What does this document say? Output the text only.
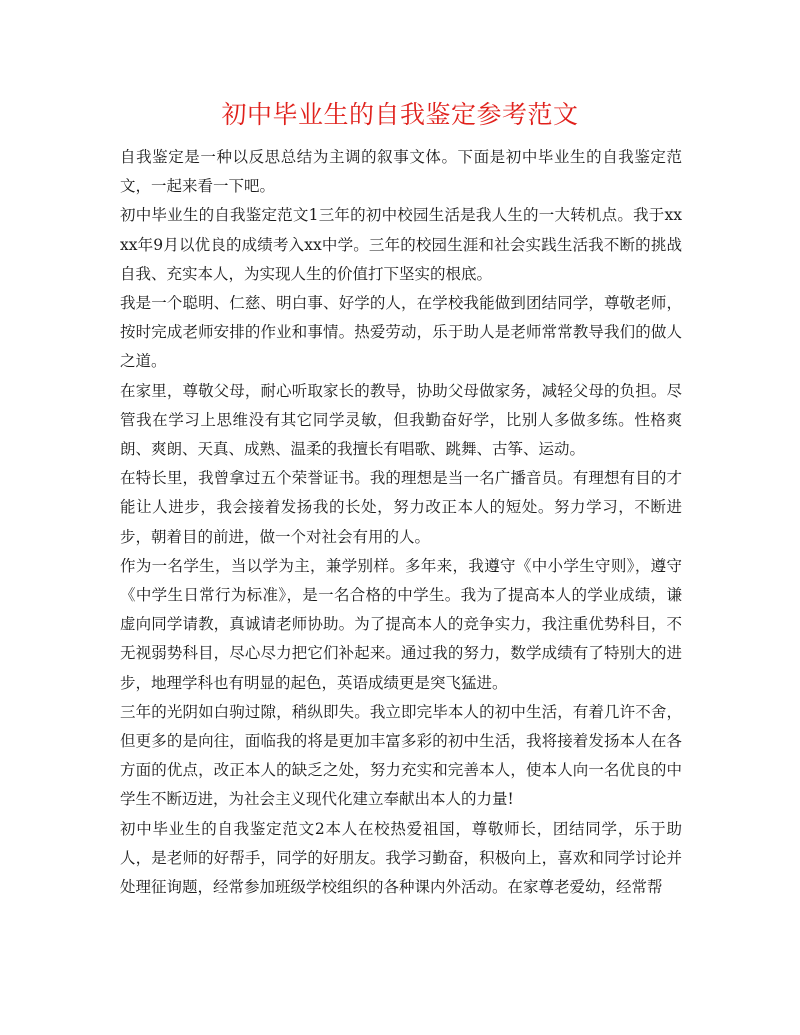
初中毕业生的自我鉴定参考范文

自我鉴定是一种以反思总结为主调的叙事文体。下面是初中毕业生的自我鉴定范文，一起来看一下吧。

初中毕业生的自我鉴定范文1三年的初中校园生活是我人生的一大转机点。我于xxxx年9月以优良的成绩考入xx中学。三年的校园生涯和社会实践生活我不断的挑战自我、充实本人，为实现人生的价值打下坚实的根底。

我是一个聪明、仁慈、明白事、好学的人，在学校我能做到团结同学，尊敬老师，按时完成老师安排的作业和事情。热爱劳动，乐于助人是老师常常教导我们的做人之道。

在家里，尊敬父母，耐心听取家长的教导，协助父母做家务，减轻父母的负担。尽管我在学习上思维没有其它同学灵敏，但我勤奋好学，比别人多做多练。性格爽朗、爽朗、天真、成熟、温柔的我擅长有唱歌、跳舞、古筝、运动。

在特长里，我曾拿过五个荣誉证书。我的理想是当一名广播音员。有理想有目的才能让人进步，我会接着发扬我的长处，努力改正本人的短处。努力学习，不断进步，朝着目的前进，做一个对社会有用的人。

作为一名学生，当以学为主，兼学别样。多年来，我遵守《中小学生守则》，遵守《中学生日常行为标准》，是一名合格的中学生。我为了提高本人的学业成绩，谦虚向同学请教，真诚请老师协助。为了提高本人的竞争实力，我注重优势科目，不无视弱势科目，尽心尽力把它们补起来。通过我的努力，数学成绩有了特别大的进步，地理学科也有明显的起色，英语成绩更是突飞猛进。

三年的光阴如白驹过隙，稍纵即失。我立即完毕本人的初中生活，有着几许不舍，但更多的是向往，面临我的将是更加丰富多彩的初中生活，我将接着发扬本人在各方面的优点，改正本人的缺乏之处，努力充实和完善本人，使本人向一名优良的中学生不断迈进，为社会主义现代化建立奉献出本人的力量!

初中毕业生的自我鉴定范文2本人在校热爱祖国，尊敬师长，团结同学，乐于助人，是老师的好帮手，同学的好朋友。我学习勤奋，积极向上，喜欢和同学讨论并处理征询题，经常参加班级学校组织的各种课内外活动。在家尊老爱幼，经常帮
